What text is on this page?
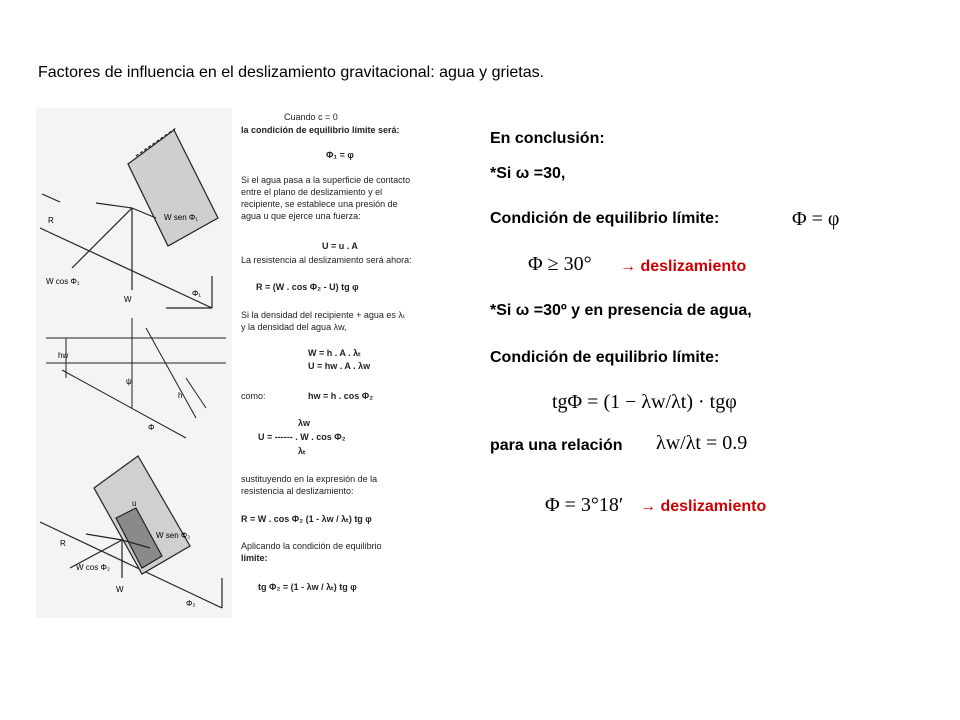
Factores de influencia en el deslizamiento gravitacional: agua y grietas.
W sen Φ₁
R
W cos Φ₁
W
Φ₁
hw
ψ
h
Φ
u
R
W sen Φ₂
W cos Φ₂
W
Φ₂
Cuando c = 0
la condición de equilibrio límite será:
Φ₁ = φ
Si el agua pasa a la superficie de contacto
entre el plano de deslizamiento y el
recipiente, se establece una presión de
agua u que ejerce una fuerza:
U = u . A
La resistencia al deslizamiento será ahora:
R = (W . cos Φ₂ - U) tg φ
Si la densidad del recipiente + agua es λₜ
y la densidad del agua λw,
W = h . A . λₜ
U = hw . A . λw
como:	hw = h . cos Φ₂
λw
U = ------ . W . cos Φ₂
λₜ
sustituyendo en la expresión de la
resistencia al deslizamiento:
R = W . cos Φ₂ (1 - λw / λₜ) tg φ
Aplicando la condición de equilibrio
límite:
tg Φ₂ = (1 - λw / λₜ) tg φ
En conclusión:
*Si ω =30,
Condición de equilibrio límite:	Φ = φ
Φ ≥ 30° → deslizamiento
*Si ω =30º y en presencia de agua,
Condición de equilibrio límite:
tgΦ = (1 − λw/λt) · tgφ
para una relación λw/λt = 0.9
Φ = 3°18′ → deslizamiento
